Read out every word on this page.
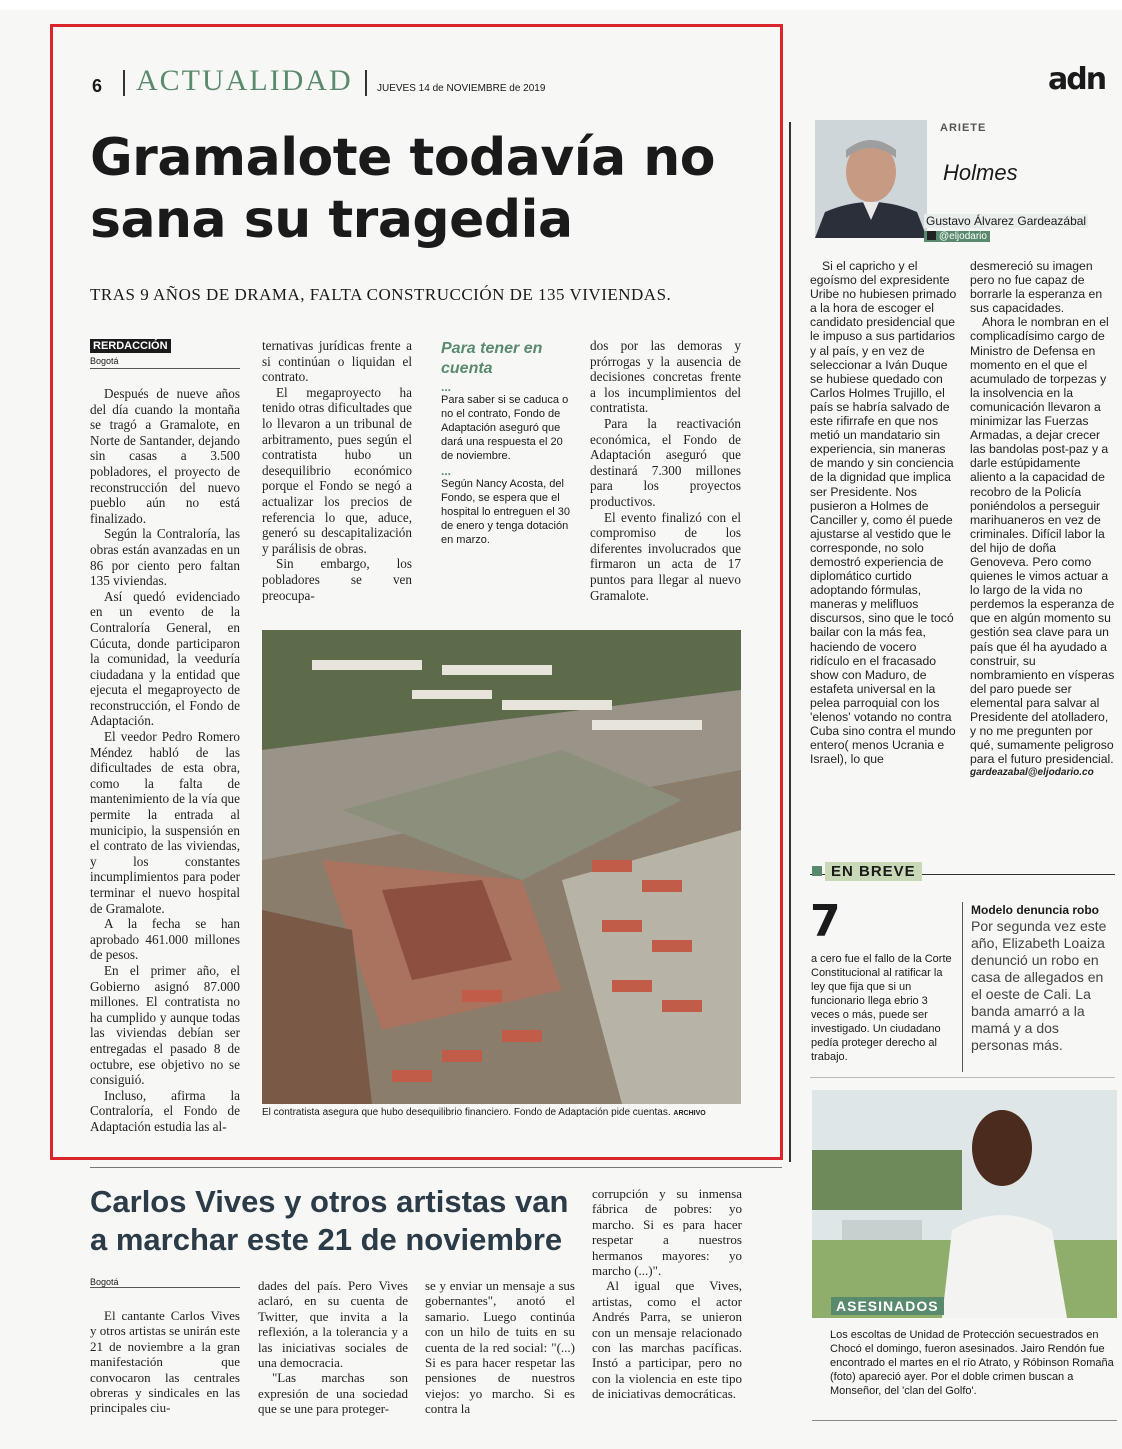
6 ACTUALIDAD JUEVES 14 de NOVIEMBRE de 2019	adn
Gramalote todavía no sana su tragedia
TRAS 9 AÑOS DE DRAMA, FALTA CONSTRUCCIÓN DE 135 VIVIENDAS.
RERDACCIÓN
Bogotá

Después de nueve años del día cuando la montaña se tragó a Gramalote, en Norte de Santander, dejando sin casas a 3.500 pobladores, el proyecto de reconstrucción del nuevo pueblo aún no está finalizado.

Según la Contraloría, las obras están avanzadas en un 86 por ciento pero faltan 135 viviendas.

Así quedó evidenciado en un evento de la Contraloría General, en Cúcuta, donde participaron la comunidad, la veeduría ciudadana y la entidad que ejecuta el megaproyecto de reconstrucción, el Fondo de Adaptación.

El veedor Pedro Romero Méndez habló de las dificultades de esta obra, como la falta de mantenimiento de la vía que permite la entrada al municipio, la suspensión en el contrato de las viviendas, y los constantes incumplimientos para poder terminar el nuevo hospital de Gramalote.

A la fecha se han aprobado 461.000 millones de pesos.

En el primer año, el Gobierno asignó 87.000 millones. El contratista no ha cumplido y aunque todas las viviendas debían ser entregadas el pasado 8 de octubre, ese objetivo no se consiguió.

Incluso, afirma la Contraloría, el Fondo de Adaptación estudia las al-

ternativas jurídicas frente a si continúan o liquidan el contrato.

El megaproyecto ha tenido otras dificultades que lo llevaron a un tribunal de arbitramento, pues según el contratista hubo un desequilibrio económico porque el Fondo se negó a actualizar los precios de referencia lo que, aduce, generó su descapitalización y parálisis de obras.

Sin embargo, los pobladores se ven preocupa-

Para tener en cuenta
...

Para saber si se caduca o no el contrato, Fondo de Adaptación aseguró que dará una respuesta el 20 de noviembre.

...

Según Nancy Acosta, del Fondo, se espera que el hospital lo entreguen el 30 de enero y tenga dotación en marzo.

dos por las demoras y prórrogas y la ausencia de decisiones concretas frente a los incumplimientos del contratista.

Para la reactivación económica, el Fondo de Adaptación aseguró que destinará 7.300 millones para los proyectos productivos.

El evento finalizó con el compromiso de los diferentes involucrados que firmaron un acta de 17 puntos para llegar al nuevo Gramalote.

El contratista asegura que hubo desequilibrio financiero. Fondo de Adaptación pide cuentas. ARCHIVO
ARIETE
Holmes
Gustavo Álvarez Gardeazábal
@eljodario

Si el capricho y el egoísmo del expresidente Uribe no hubiesen primado a la hora de escoger el candidato presidencial que le impuso a sus partidarios y al país, y en vez de seleccionar a Iván Duque se hubiese quedado con Carlos Holmes Trujillo, el país se habría salvado de este rifirrafe en que nos metió un mandatario sin experiencia, sin maneras de mando y sin conciencia de la dignidad que implica ser Presidente. Nos pusieron a Holmes de Canciller y, como él puede ajustarse al vestido que le corresponde, no solo demostró experiencia de diplomático curtido adoptando fórmulas, maneras y melifluos discursos, sino que le tocó bailar con la más fea, haciendo de vocero ridículo en el fracasado show con Maduro, de estafeta universal en la pelea parroquial con los 'elenos' votando no contra Cuba sino contra el mundo entero( menos Ucrania e Israel), lo que

desmereció su imagen pero no fue capaz de borrarle la esperanza en sus capacidades.

Ahora le nombran en el complicadísimo cargo de Ministro de Defensa en momento en el que el acumulado de torpezas y la insolvencia en la comunicación llevaron a minimizar las Fuerzas Armadas, a dejar crecer las bandolas post-paz y a darle estúpidamente aliento a la capacidad de recobro de la Policía poniéndolos a perseguir marihuaneros en vez de criminales. Difícil labor la del hijo de doña Genoveva. Pero como quienes le vimos actuar a lo largo de la vida no perdemos la esperanza de que en algún momento su gestión sea clave para un país que él ha ayudado a construir, su nombramiento en vísperas del paro puede ser elemental para salvar al Presidente del atolladero, y no me pregunten por qué, sumamente peligroso para el futuro presidencial.

gardeazabal@eljodario.co
EN BREVE
7
a cero fue el fallo de la Corte Constitucional al ratificar la ley que fija que si un funcionario llega ebrio 3 veces o más, puede ser investigado. Un ciudadano pedía proteger derecho al trabajo.
Modelo denuncia robo
Por segunda vez este año, Elizabeth Loaiza denunció un robo en casa de allegados en el oeste de Cali. La banda amarró a la mamá y a dos personas más.
ASESINADOS
Los escoltas de Unidad de Protección secuestrados en Chocó el domingo, fueron asesinados. Jairo Rendón fue encontrado el martes en el río Atrato, y Róbinson Romaña (foto) apareció ayer. Por el doble crimen buscan a Monseñor, del 'clan del Golfo'.
Carlos Vives y otros artistas van a marchar este 21 de noviembre
Bogotá

El cantante Carlos Vives y otros artistas se unirán este 21 de noviembre a la gran manifestación que convocaron las centrales obreras y sindicales en las principales ciu-

dades del país. Pero Vives aclaró, en su cuenta de Twitter, que invita a la reflexión, a la tolerancia y a las iniciativas sociales de una democracia.

"Las marchas son expresión de una sociedad que se une para proteger-

se y enviar un mensaje a sus gobernantes", anotó el samario. Luego continúa con un hilo de tuits en su cuenta de la red social: "(...) Si es para hacer respetar las pensiones de nuestros viejos: yo marcho. Si es contra la

corrupción y su inmensa fábrica de pobres: yo marcho. Si es para hacer respetar a nuestros hermanos mayores: yo marcho (...)".

Al igual que Vives, artistas, como el actor Andrés Parra, se unieron con un mensaje relacionado con las marchas pacíficas. Instó a participar, pero no con la violencia en este tipo de iniciativas democráticas.
